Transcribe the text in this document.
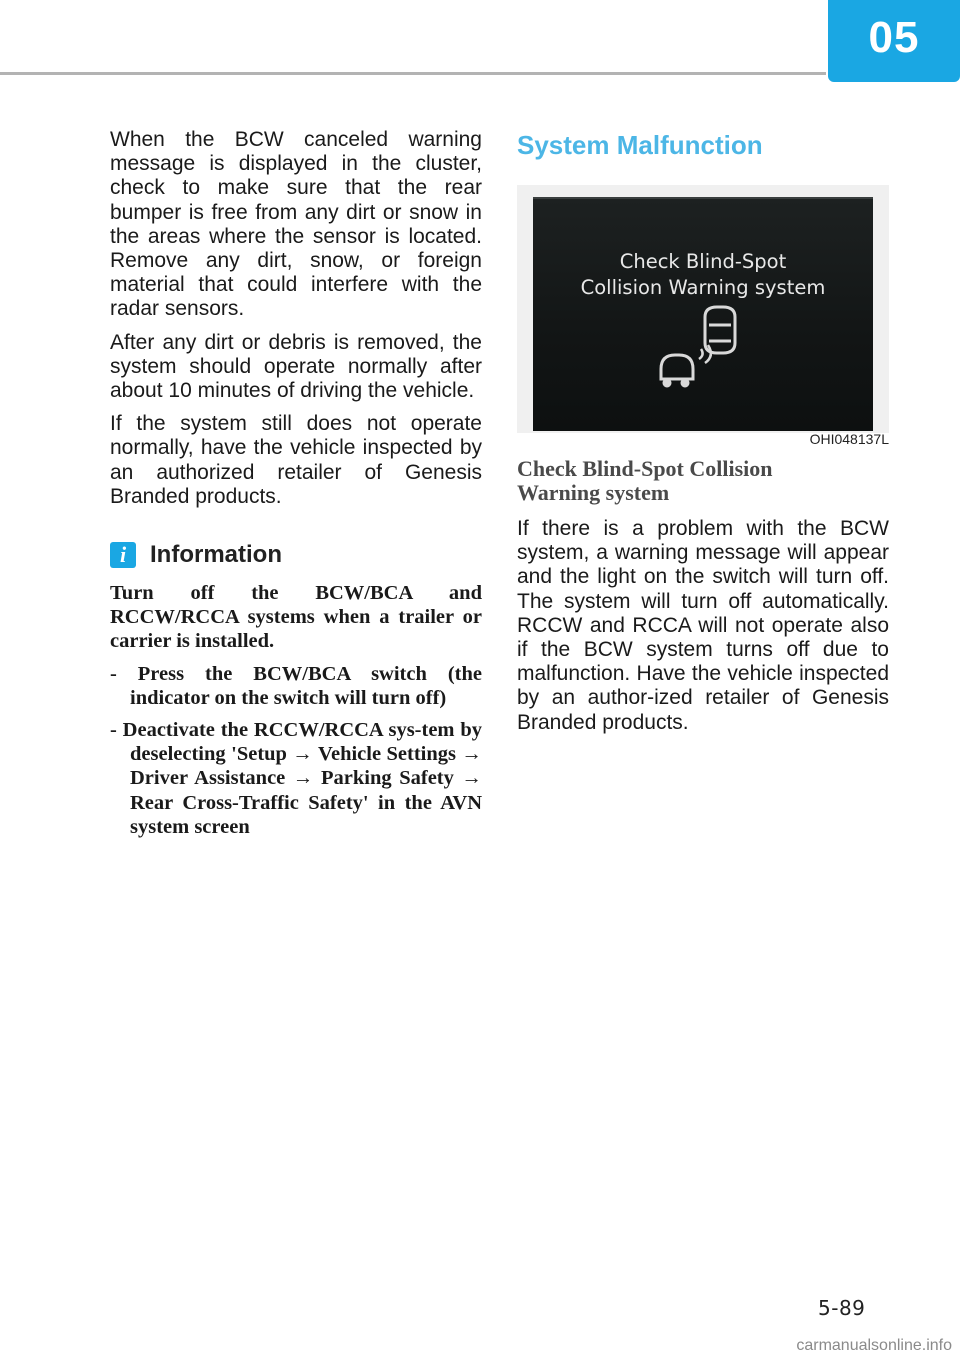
05

When the BCW canceled warning message is displayed in the cluster, check to make sure that the rear bumper is free from any dirt or snow in the areas where the sensor is located. Remove any dirt, snow, or foreign material that could interfere with the radar sensors.

After any dirt or debris is removed, the system should operate normally after about 10 minutes of driving the vehicle.

If the system still does not operate normally, have the vehicle inspected by an authorized retailer of Genesis Branded products.

i Information

Turn off the BCW/BCA and RCCW/RCCA systems when a trailer or carrier is installed.

- Press the BCW/BCA switch (the indicator on the switch will turn off)

- Deactivate the RCCW/RCCA sys-tem by deselecting 'Setup → Vehicle Settings → Driver Assistance → Parking Safety → Rear Cross-Traffic Safety' in the AVN system screen

System Malfunction
Check Blind-Spot
Collision Warning system
OHI048137L
Check Blind-Spot Collision
Warning system

If there is a problem with the BCW system, a warning message will appear and the light on the switch will turn off. The system will turn off automatically. RCCW and RCCA will not operate also if the BCW system turns off due to malfunction. Have the vehicle inspected by an author-ized retailer of Genesis Branded products.

5-89
carmanualsonline.info
